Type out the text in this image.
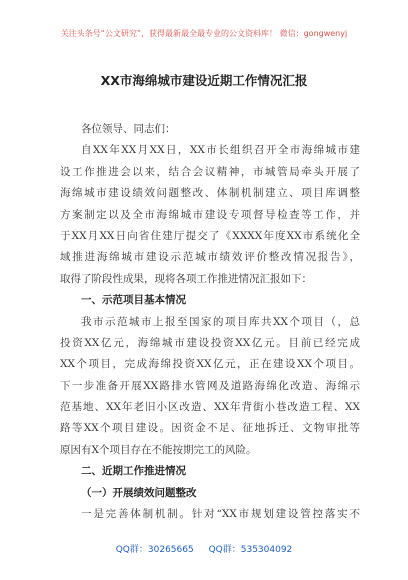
关注头条号“公文研究”，获得最新最全最专业的公文资料库！ 微信：gongwenyj
XX市海绵城市建设近期工作情况汇报
各位领导、同志们：
自XX年XX月XX日，XX市长组织召开全市海绵城市建
设工作推进会以来，结合会议精神，市城管局牵头开展了
海绵城市建设绩效问题整改、体制机制建立、项目库调整
方案制定以及全市海绵城市建设专项督导检查等工作，并
于XX月XX日向省住建厅提交了《XXXX年度XX市系统化全
域推进海绵城市建设示范城市绩效评价整改情况报告》，
取得了阶段性成果，现将各项工作推进情况汇报如下：
一、示范项目基本情况
我市示范城市上报至国家的项目库共XX个项目（，总
投资XX亿元，海绵城市建设投资XX亿元。目前已经完成
XX个项目，完成海绵投资XX亿元，正在建设XX个项目。
下一步准备开展XX路排水管网及道路海绵化改造、海绵示
范基地、XX年老旧小区改造、XX年背街小巷改造工程、XX
路等XX个项目建设。因资金不足、征地拆迁、文物审批等
原因有X个项目存在不能按期完工的风险。
二、近期工作推进情况
（一）开展绩效问题整改
一是完善体制机制。针对“XX市规划建设管控落实不
QQ群：30265665 QQ群：535304092
